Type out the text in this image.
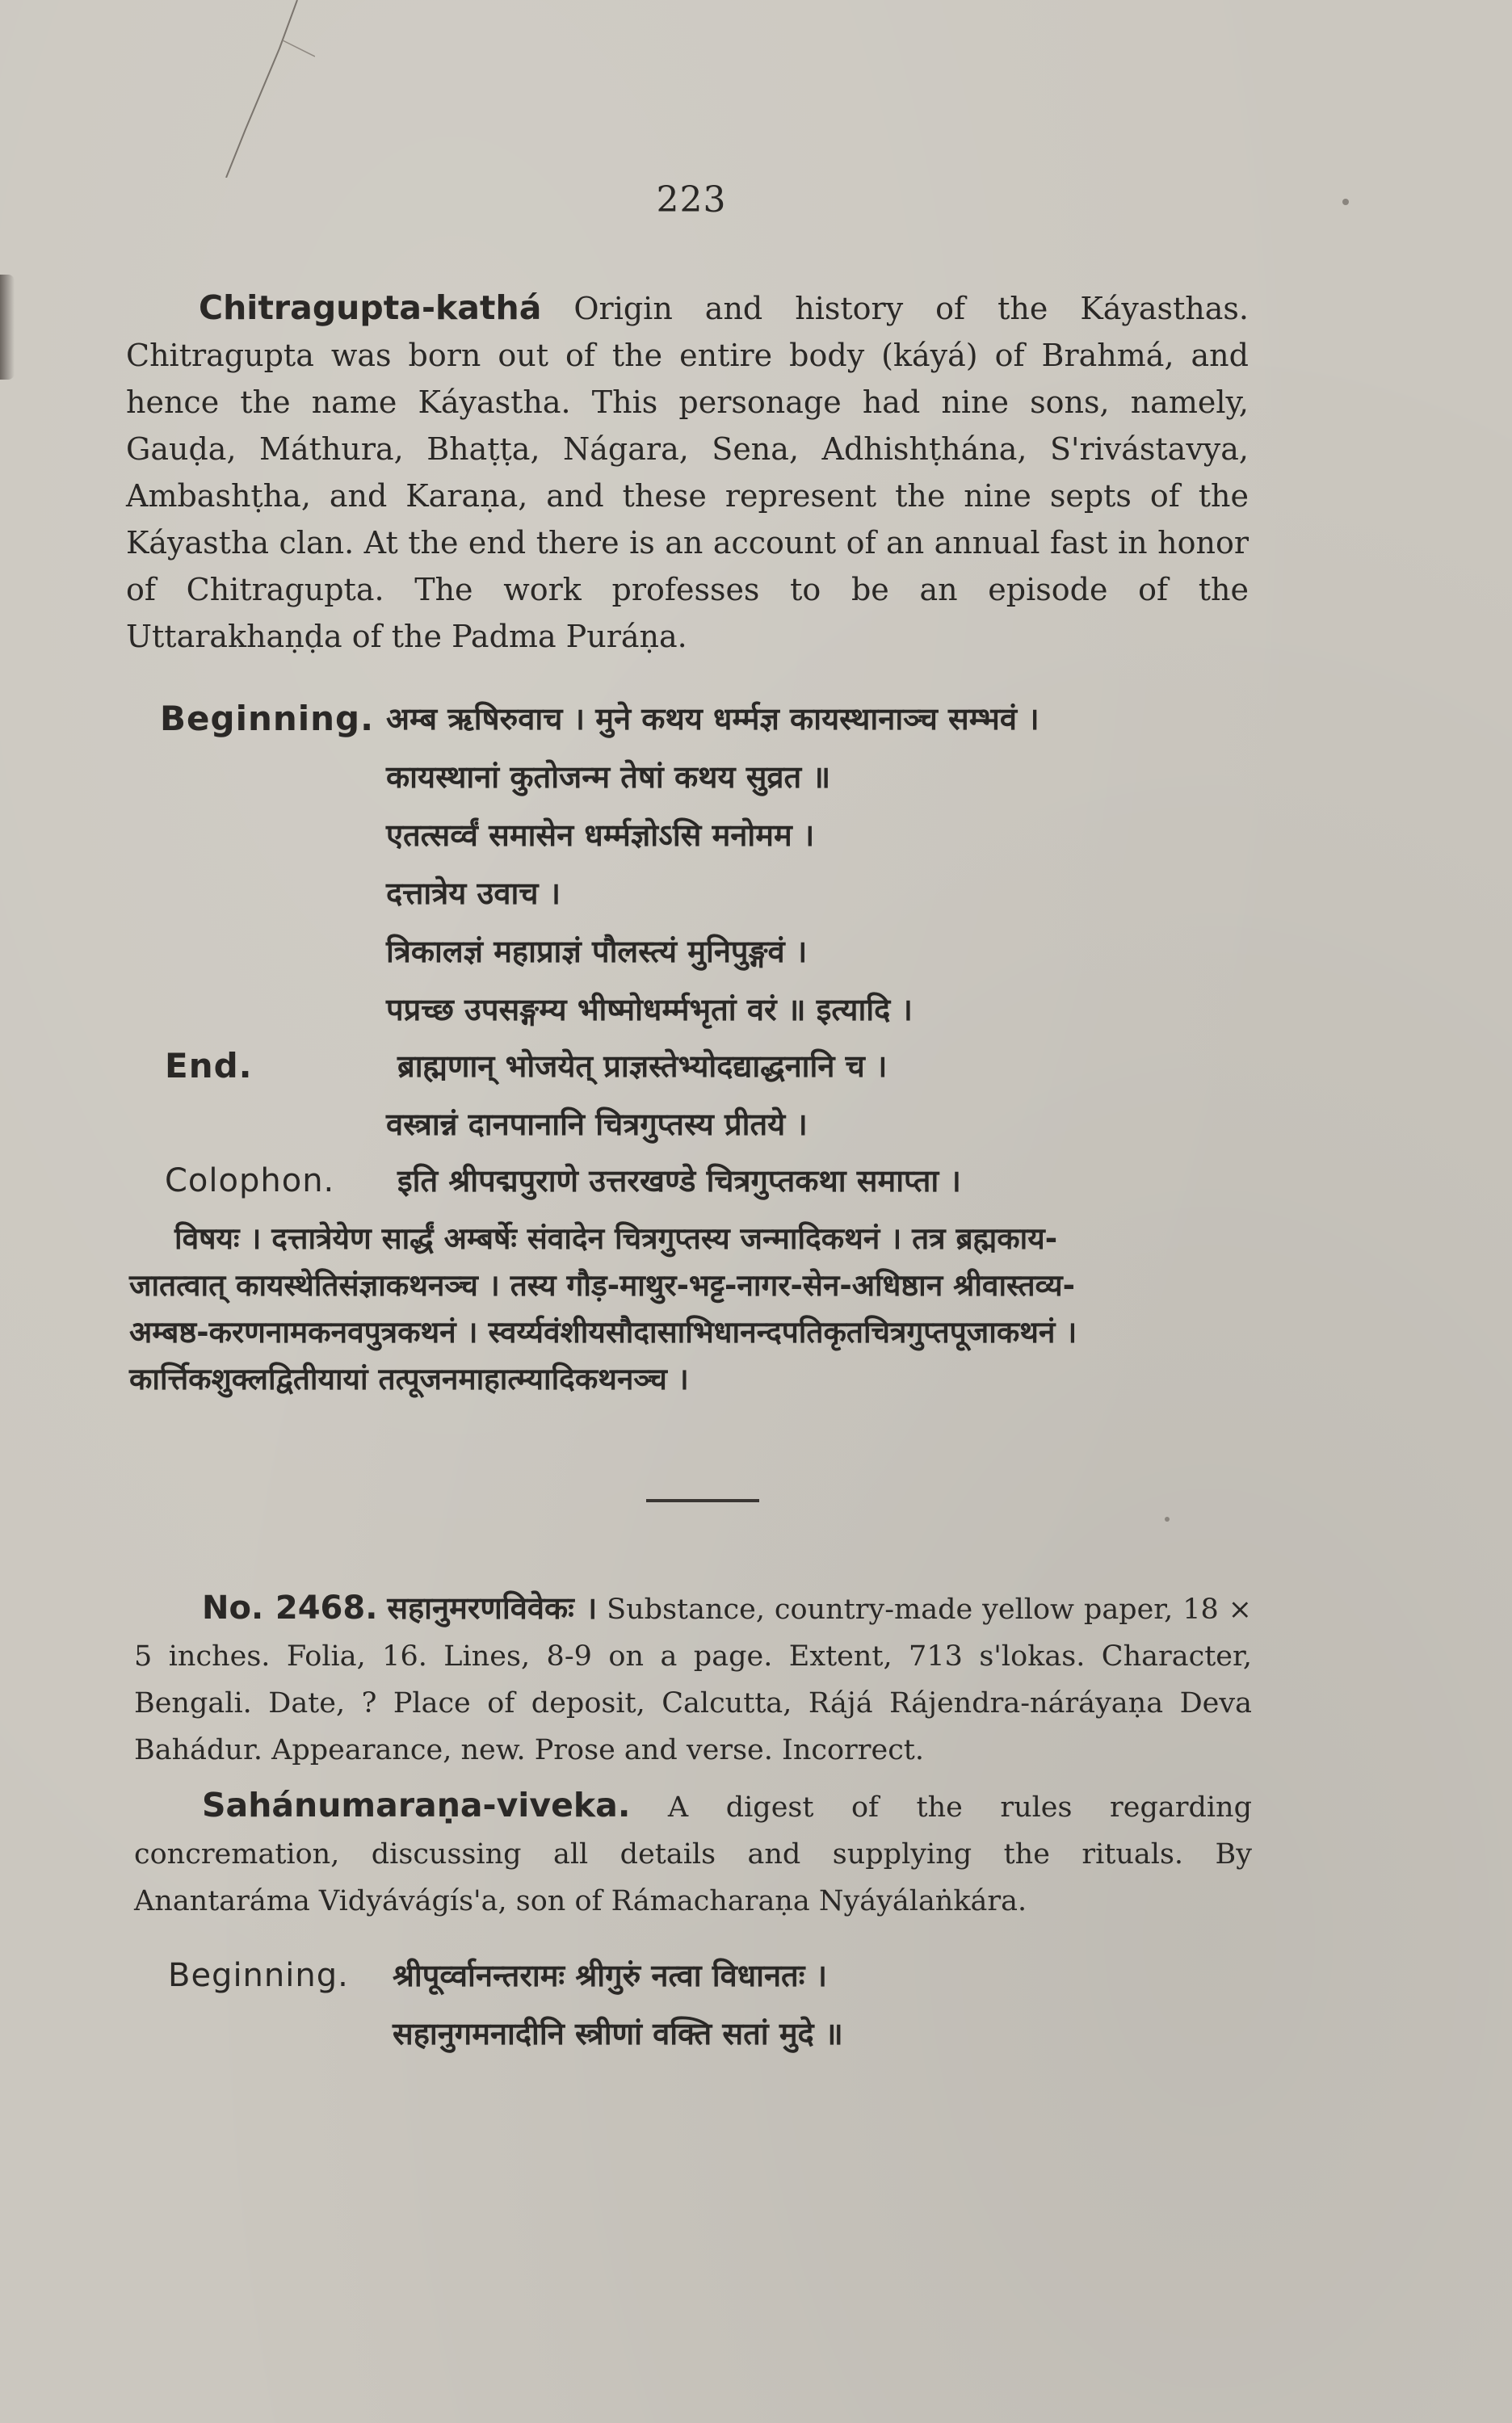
223

Chitragupta-kathá Origin and history of the Káyasthas. Chitragupta was born out of the entire body (káyá) of Brahmá, and hence the name Káyastha. This personage had nine sons, namely, Gauḍa, Máthura, Bhaṭṭa, Nágara, Sena, Adhishṭhána, S'rivástavya, Ambashṭha, and Karaṇa, and these represent the nine septs of the Káyastha clan. At the end there is an account of an annual fast in honor of Chitragupta. The work professes to be an episode of the Uttarakhaṇḍa of the Padma Puráṇa.

Beginning. अम्ब ऋषिरुवाच । मुने कथय धर्म्मज्ञ कायस्थानाञ्च सम्भवं ।
कायस्थानां कुतोजन्म तेषां कथय सुव्रत ॥
एतत्सर्व्वं समासेन धर्म्मज्ञोऽसि मनोमम ।
दत्तात्रेय उवाच ।
त्रिकालज्ञं महाप्राज्ञं पौलस्त्यं मुनिपुङ्गवं ।
पप्रच्छ उपसङ्गम्य भीष्मोधर्म्मभृतां वरं ॥ इत्यादि ।
End.	ब्राह्मणान् भोजयेत् प्राज्ञस्तेभ्योदद्याद्धनानि च ।
वस्त्रान्नं दानपानानि चित्रगुप्तस्य प्रीतये ।
Colophon. इति श्रीपद्मपुराणे उत्तरखण्डे चित्रगुप्तकथा समाप्ता ।

विषयः । दत्तात्रेयेण सार्द्धं अम्बर्षेः संवादेन चित्रगुप्तस्य जन्मादिकथनं । तत्र ब्रह्मकाय-

जातत्वात् कायस्थेतिसंज्ञाकथनञ्च । तस्य गौड़-माथुर-भट्ट-नागर-सेन-अधिष्ठान श्रीवास्तव्य-

अम्बष्ठ-करणनामकनवपुत्रकथनं । स्वर्य्यवंशीयसौदासाभिधानन्दपतिकृतचित्रगुप्तपूजाकथनं ।

कार्त्तिकशुक्लद्वितीयायां तत्पूजनमाहात्म्यादिकथनञ्च ।

No. 2468. सहानुमरणविवेकः । Substance, country-made yellow paper, 18 × 5 inches. Folia, 16. Lines, 8-9 on a page. Extent, 713 s'lokas. Character, Bengali. Date, ? Place of deposit, Calcutta, Rájá Rájendra-náráyaṇa Deva Bahádur. Appearance, new. Prose and verse. Incorrect.

Sahánumaraṇa-viveka. A digest of the rules regarding concremation, discussing all details and supplying the rituals. By Anantaráma Vidyávágís'a, son of Rámacharaṇa Nyáyálaṅkára.

Beginning. श्रीपूर्व्वानन्तरामः श्रीगुरुं नत्वा विधानतः ।
सहानुगमनादीनि स्त्रीणां वक्ति सतां मुदे ॥
